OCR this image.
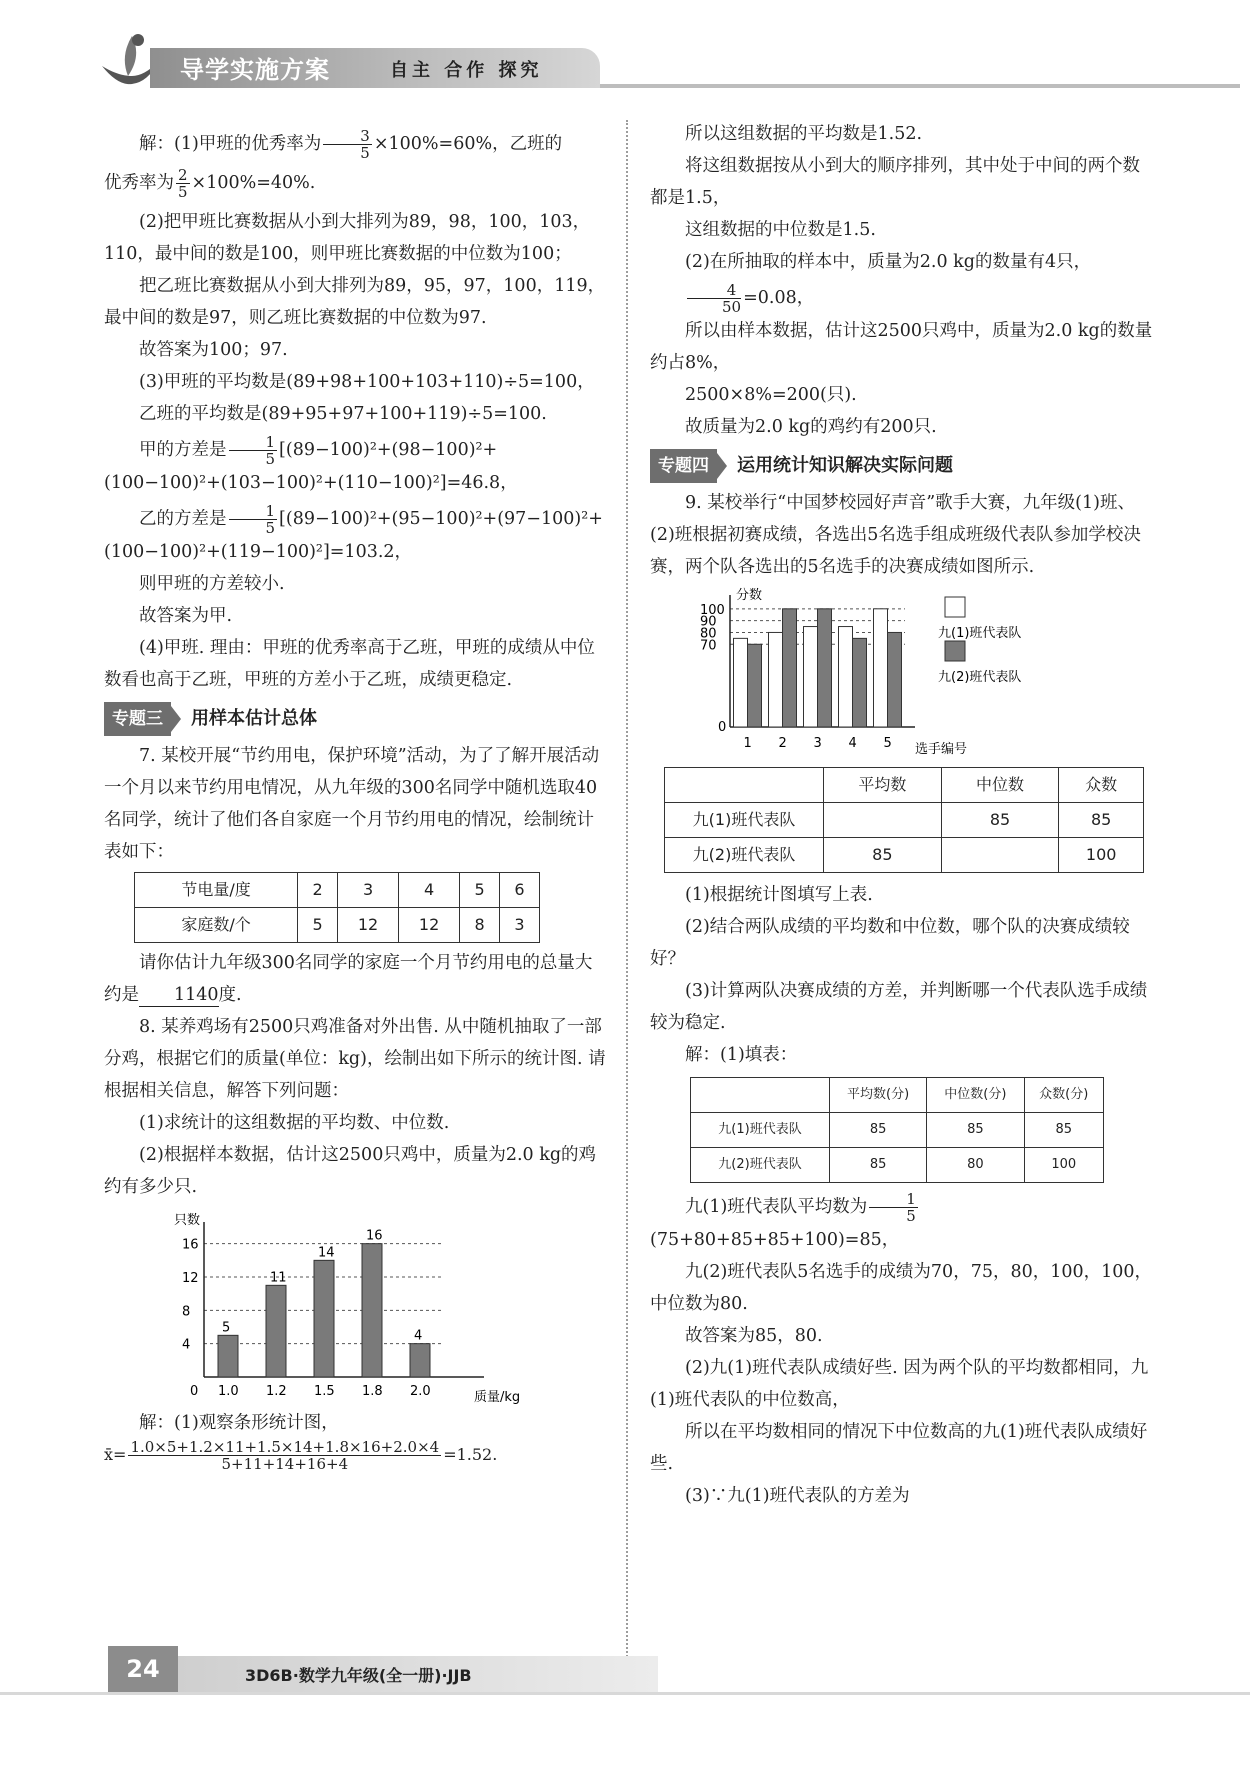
导学实施方案	自主 合作 探究

解：(1)甲班的优秀率为 $\frac{3}{5} \times 100\%=60\%$，乙班的

优秀率为 $\frac{2}{5} \times 100\%=40\%$.

(2)把甲班比赛数据从小到大排列为89，98，100，103，110，最中间的数是100，则甲班比赛数据的中位数为100；

把乙班比赛数据从小到大排列为89，95，97，100，119，最中间的数是97，则乙班比赛数据的中位数为97.

故答案为100；97.

(3)甲班的平均数是(89+98+100+103+110)÷5=100，

乙班的平均数是(89+95+97+100+119)÷5=100.

甲的方差是 $\frac{1}{5} [(89-100)^2+(98-100)^2+(100-100)^2+(103-100)^2+(110-100)^2]=46.8$，

乙的方差是 $\frac{1}{5} [(89-100)^2+(95-100)^2+(97-100)^2+(100-100)^2+(119-100)^2]=103.2$，

则甲班的方差较小.

故答案为甲.

(4)甲班. 理由：甲班的优秀率高于乙班，甲班的成绩从中位数看也高于乙班，甲班的方差小于乙班，成绩更稳定.

专题三	用样本估计总体

7. 某校开展“节约用电，保护环境”活动，为了了解开展活动一个月以来节约用电情况，从九年级的300名同学中随机选取40名同学，统计了他们各自家庭一个月节约用电的情况，绘制统计表如下：

节电量/度	2	3	4	5	6
家庭数/个	5	12	12	8	3

请你估计九年级300名同学的家庭一个月节约用电的总量大约是 1140度.

8. 某养鸡场有2500只鸡准备对外出售. 从中随机抽取了一部分鸡，根据它们的质量(单位：kg)，绘制出如下所示的统计图. 请根据相关信息，解答下列问题：

(1)求统计的这组数据的平均数、中位数.

(2)根据样本数据，估计这2500只鸡中，质量为2.0 kg的鸡约有多少只.

只数
质量/kg
0
4
8
12
16
5
1.0
11
1.2
14
1.5
16
1.8
4
2.0

解：(1)观察条形统计图，

x̄= $\frac{1.0\times 5+1.2\times 11+1.5\times 14+1.8\times 16+2.0\times 4}{5+11+14+16+4} =1.52$.

所以这组数据的平均数是1.52.

将这组数据按从小到大的顺序排列，其中处于中间的两个数都是1.5，

这组数据的中位数是1.5.

(2)在所抽取的样本中，质量为2.0 kg的数量有4只，

$\frac{4}{50} =0.08$，

所以由样本数据，估计这2500只鸡中，质量为2.0 kg的数量约占8%，

2500×8%=200(只).

故质量为2.0 kg的鸡约有200只.

专题四	运用统计知识解决实际问题

9. 某校举行“中国梦校园好声音”歌手大赛，九年级(1)班、(2)班根据初赛成绩，各选出5名选手组成班级代表队参加学校决赛，两个队各选出的5名选手的决赛成绩如图所示.

分数
选手编号
0
70
80
90
100
1 2 3 4 5
九(1)班代表队
九(2)班代表队
	平均数	中位数	众数
九(1)班代表队		85	85
九(2)班代表队	85		100

(1)根据统计图填写上表.

(2)结合两队成绩的平均数和中位数，哪个队的决赛成绩较好？

(3)计算两队决赛成绩的方差，并判断哪一个代表队选手成绩较为稳定.

解：(1)填表：

	平均数(分)	中位数(分)	众数(分)
九(1)班代表队	85	85	85
九(2)班代表队	85	80	100

九(1)班代表队平均数为 $\frac{1}{5}$
(75+80+85+85+100)=85，

九(2)班代表队5名选手的成绩为70，75，80，100，100，中位数为80.

故答案为85，80.

(2)九(1)班代表队成绩好些. 因为两个队的平均数都相同，九(1)班代表队的中位数高，

所以在平均数相同的情况下中位数高的九(1)班代表队成绩好些.

(3)∵九(1)班代表队的方差为

24	3D6B·数学九年级(全一册)·JJB
